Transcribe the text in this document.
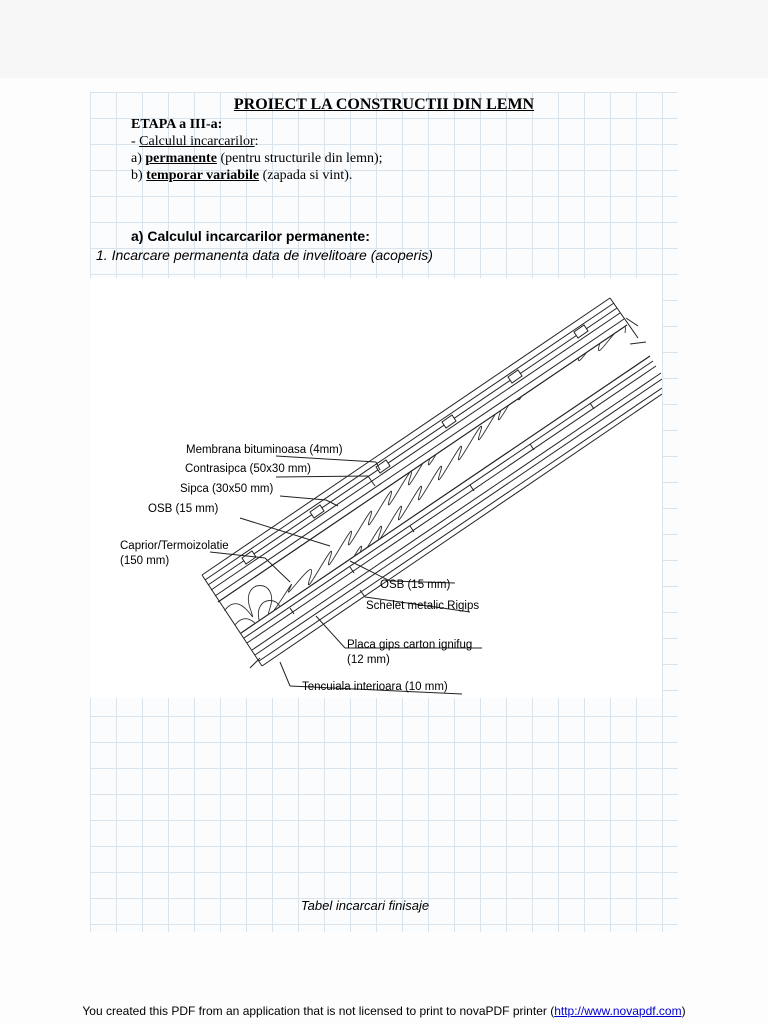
PROIECT LA CONSTRUCTII DIN LEMN
ETAPA a III-a:
- Calculul incarcarilor:
a) permanente (pentru structurile din lemn);
b) temporar variabile (zapada si vint).
a) Calculul incarcarilor permanente:
1. Incarcare permanenta data de invelitoare (acoperis)
Membrana bituminoasa (4mm)
Contrasipca (50x30 mm)
Sipca (30x50 mm)
OSB (15 mm)
Caprior/Termoizolatie
(150 mm)
OSB (15 mm)
Schelet metalic Rigips
Placa gips carton ignifug
(12 mm)
Tencuiala interioara (10 mm)
Tabel incarcari finisaje
You created this PDF from an application that is not licensed to print to novaPDF printer (http://www.novapdf.com)
